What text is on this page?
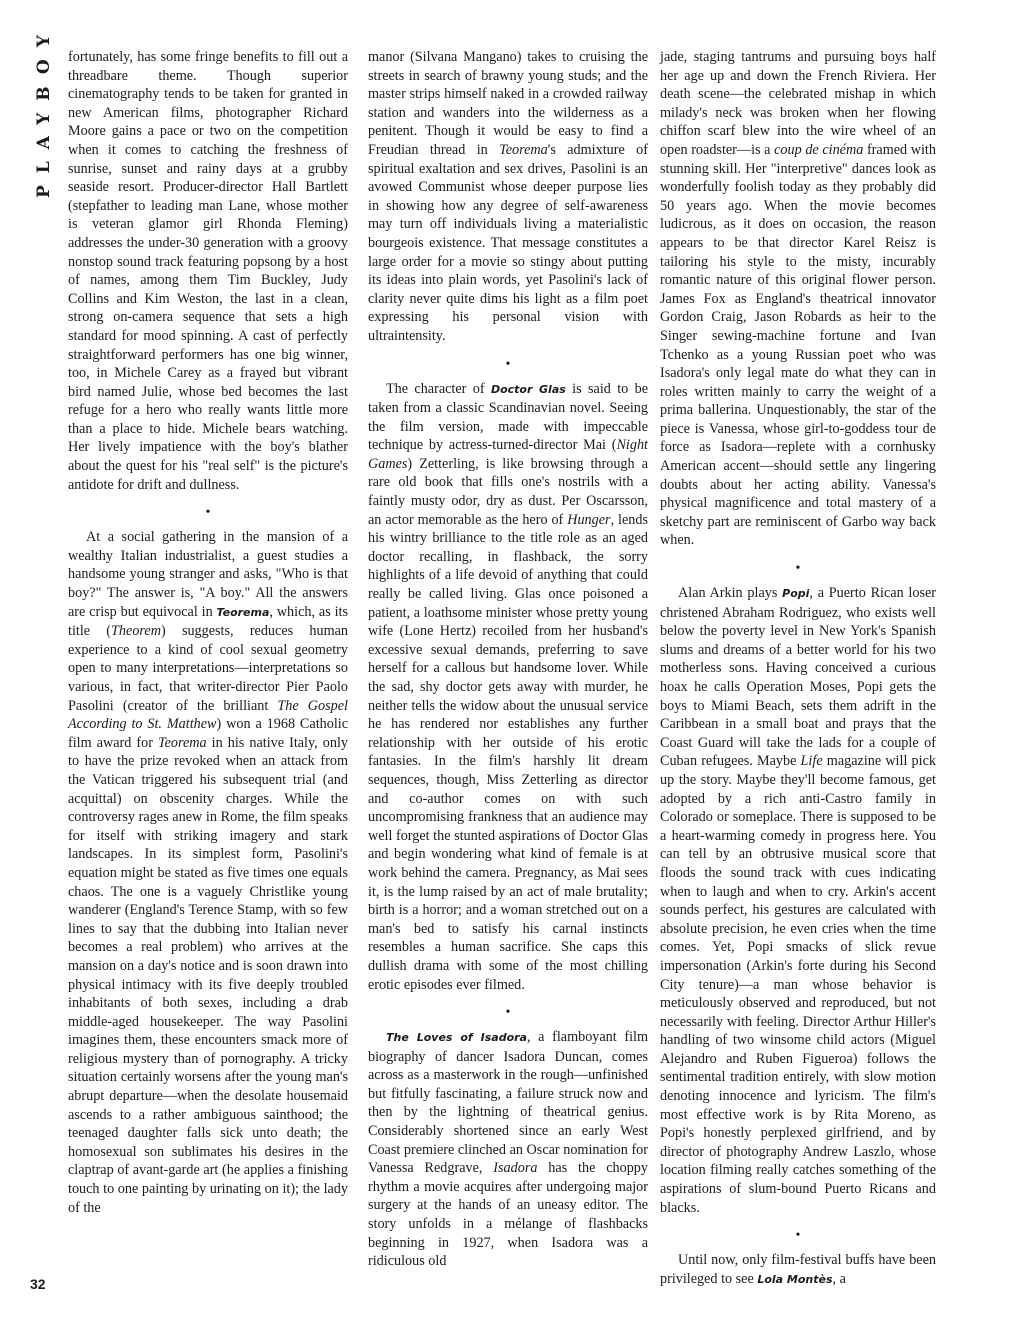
PLAYBOY
32

fortunately, has some fringe benefits to fill out a threadbare theme. Though superior cinematography tends to be taken for granted in new American films, photographer Richard Moore gains a pace or two on the competition when it comes to catching the freshness of sunrise, sunset and rainy days at a grubby seaside resort. Producer-director Hall Bartlett (stepfather to leading man Lane, whose mother is veteran glamor girl Rhonda Fleming) addresses the under-30 generation with a groovy nonstop sound track featuring popsong by a host of names, among them Tim Buckley, Judy Collins and Kim Weston, the last in a clean, strong on-camera sequence that sets a high standard for mood spinning. A cast of perfectly straightforward performers has one big winner, too, in Michele Carey as a frayed but vibrant bird named Julie, whose bed becomes the last refuge for a hero who really wants little more than a place to hide. Michele bears watching. Her lively impatience with the boy's blather about the quest for his "real self" is the picture's antidote for drift and dullness.

•

At a social gathering in the mansion of a wealthy Italian industrialist, a guest studies a handsome young stranger and asks, "Who is that boy?" The answer is, "A boy." All the answers are crisp but equivocal in Teorema, which, as its title (Theorem) suggests, reduces human experience to a kind of cool sexual geometry open to many interpretations—interpretations so various, in fact, that writer-director Pier Paolo Pasolini (creator of the brilliant The Gospel According to St. Matthew) won a 1968 Catholic film award for Teorema in his native Italy, only to have the prize revoked when an attack from the Vatican triggered his subsequent trial (and acquittal) on obscenity charges. While the controversy rages anew in Rome, the film speaks for itself with striking imagery and stark landscapes. In its simplest form, Pasolini's equation might be stated as five times one equals chaos. The one is a vaguely Christlike young wanderer (England's Terence Stamp, with so few lines to say that the dubbing into Italian never becomes a real problem) who arrives at the mansion on a day's notice and is soon drawn into physical intimacy with its five deeply troubled inhabitants of both sexes, including a drab middle-aged housekeeper. The way Pasolini imagines them, these encounters smack more of religious mystery than of pornography. A tricky situation certainly worsens after the young man's abrupt departure—when the desolate housemaid ascends to a rather ambiguous sainthood; the teenaged daughter falls sick unto death; the homosexual son sublimates his desires in the claptrap of avant-garde art (he applies a finishing touch to one painting by urinating on it); the lady of the

manor (Silvana Mangano) takes to cruising the streets in search of brawny young studs; and the master strips himself naked in a crowded railway station and wanders into the wilderness as a penitent. Though it would be easy to find a Freudian thread in Teorema's admixture of spiritual exaltation and sex drives, Pasolini is an avowed Communist whose deeper purpose lies in showing how any degree of self-awareness may turn off individuals living a materialistic bourgeois existence. That message constitutes a large order for a movie so stingy about putting its ideas into plain words, yet Pasolini's lack of clarity never quite dims his light as a film poet expressing his personal vision with ultraintensity.

•

The character of Doctor Glas is said to be taken from a classic Scandinavian novel. Seeing the film version, made with impeccable technique by actress-turned-director Mai (Night Games) Zetterling, is like browsing through a rare old book that fills one's nostrils with a faintly musty odor, dry as dust. Per Oscarsson, an actor memorable as the hero of Hunger, lends his wintry brilliance to the title role as an aged doctor recalling, in flashback, the sorry highlights of a life devoid of anything that could really be called living. Glas once poisoned a patient, a loathsome minister whose pretty young wife (Lone Hertz) recoiled from her husband's excessive sexual demands, preferring to save herself for a callous but handsome lover. While the sad, shy doctor gets away with murder, he neither tells the widow about the unusual service he has rendered nor establishes any further relationship with her outside of his erotic fantasies. In the film's harshly lit dream sequences, though, Miss Zetterling as director and co-author comes on with such uncompromising frankness that an audience may well forget the stunted aspirations of Doctor Glas and begin wondering what kind of female is at work behind the camera. Pregnancy, as Mai sees it, is the lump raised by an act of male brutality; birth is a horror; and a woman stretched out on a man's bed to satisfy his carnal instincts resembles a human sacrifice. She caps this dullish drama with some of the most chilling erotic episodes ever filmed.

•

The Loves of Isadora, a flamboyant film biography of dancer Isadora Duncan, comes across as a masterwork in the rough—unfinished but fitfully fascinating, a failure struck now and then by the lightning of theatrical genius. Considerably shortened since an early West Coast premiere clinched an Oscar nomination for Vanessa Redgrave, Isadora has the choppy rhythm a movie acquires after undergoing major surgery at the hands of an uneasy editor. The story unfolds in a mélange of flashbacks beginning in 1927, when Isadora was a ridiculous old

jade, staging tantrums and pursuing boys half her age up and down the French Riviera. Her death scene—the celebrated mishap in which milady's neck was broken when her flowing chiffon scarf blew into the wire wheel of an open roadster—is a coup de cinéma framed with stunning skill. Her "interpretive" dances look as wonderfully foolish today as they probably did 50 years ago. When the movie becomes ludicrous, as it does on occasion, the reason appears to be that director Karel Reisz is tailoring his style to the misty, incurably romantic nature of this original flower person. James Fox as England's theatrical innovator Gordon Craig, Jason Robards as heir to the Singer sewing-machine fortune and Ivan Tchenko as a young Russian poet who was Isadora's only legal mate do what they can in roles written mainly to carry the weight of a prima ballerina. Unquestionably, the star of the piece is Vanessa, whose girl-to-goddess tour de force as Isadora—replete with a cornhusky American accent—should settle any lingering doubts about her acting ability. Vanessa's physical magnificence and total mastery of a sketchy part are reminiscent of Garbo way back when.

•

Alan Arkin plays Popi, a Puerto Rican loser christened Abraham Rodriguez, who exists well below the poverty level in New York's Spanish slums and dreams of a better world for his two motherless sons. Having conceived a curious hoax he calls Operation Moses, Popi gets the boys to Miami Beach, sets them adrift in the Caribbean in a small boat and prays that the Coast Guard will take the lads for a couple of Cuban refugees. Maybe Life magazine will pick up the story. Maybe they'll become famous, get adopted by a rich anti-Castro family in Colorado or someplace. There is supposed to be a heart-warming comedy in progress here. You can tell by an obtrusive musical score that floods the sound track with cues indicating when to laugh and when to cry. Arkin's accent sounds perfect, his gestures are calculated with absolute precision, he even cries when the time comes. Yet, Popi smacks of slick revue impersonation (Arkin's forte during his Second City tenure)—a man whose behavior is meticulously observed and reproduced, but not necessarily with feeling. Director Arthur Hiller's handling of two winsome child actors (Miguel Alejandro and Ruben Figueroa) follows the sentimental tradition entirely, with slow motion denoting innocence and lyricism. The film's most effective work is by Rita Moreno, as Popi's honestly perplexed girlfriend, and by director of photography Andrew Laszlo, whose location filming really catches something of the aspirations of slum-bound Puerto Ricans and blacks.

•

Until now, only film-festival buffs have been privileged to see Lola Montès, a
